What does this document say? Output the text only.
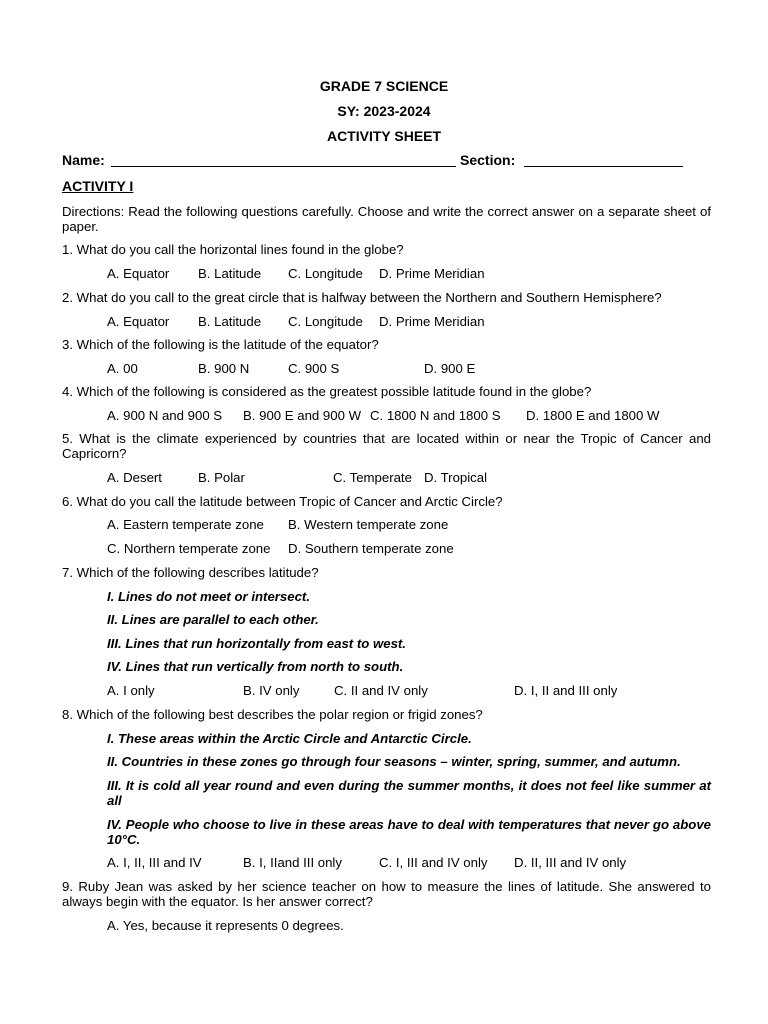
GRADE 7 SCIENCE
SY: 2023-2024
ACTIVITY SHEET
Name:	Section:
ACTIVITY I
Directions: Read the following questions carefully. Choose and write the correct answer on a separate sheet of paper.
1. What do you call the horizontal lines found in the globe?
A. Equator B. Latitude C. Longitude D. Prime Meridian
2. What do you call to the great circle that is halfway between the Northern and Southern Hemisphere?
A. Equator B. Latitude C. Longitude D. Prime Meridian
3. Which of the following is the latitude of the equator?
A. 00	B. 900 N	C. 900 S	D. 900 E
4. Which of the following is considered as the greatest possible latitude found in the globe?
A. 900 N and 900 S B. 900 E and 900 W C. 1800 N and 1800 S D. 1800 E and 1800 W
5. What is the climate experienced by countries that are located within or near the Tropic of Cancer and Capricorn?
A. Desert	B. Polar	C. Temperate D. Tropical
6. What do you call the latitude between Tropic of Cancer and Arctic Circle?
A. Eastern temperate zone B. Western temperate zone
C. Northern temperate zone D. Southern temperate zone
7. Which of the following describes latitude?
I. Lines do not meet or intersect.
II. Lines are parallel to each other.
III. Lines that run horizontally from east to west.
IV. Lines that run vertically from north to south.
A. I only	B. IV only	C. II and IV only	D. I, II and III only
8. Which of the following best describes the polar region or frigid zones?
I. These areas within the Arctic Circle and Antarctic Circle.
II. Countries in these zones go through four seasons – winter, spring, summer, and autumn.
III. It is cold all year round and even during the summer months, it does not feel like summer at all
IV. People who choose to live in these areas have to deal with temperatures that never go above 10°C.
A. I, II, III and IV	B. I, IIand III only	C. I, III and IV only D. II, III and IV only
9. Ruby Jean was asked by her science teacher on how to measure the lines of latitude. She answered to always begin with the equator. Is her answer correct?
A. Yes, because it represents 0 degrees.
